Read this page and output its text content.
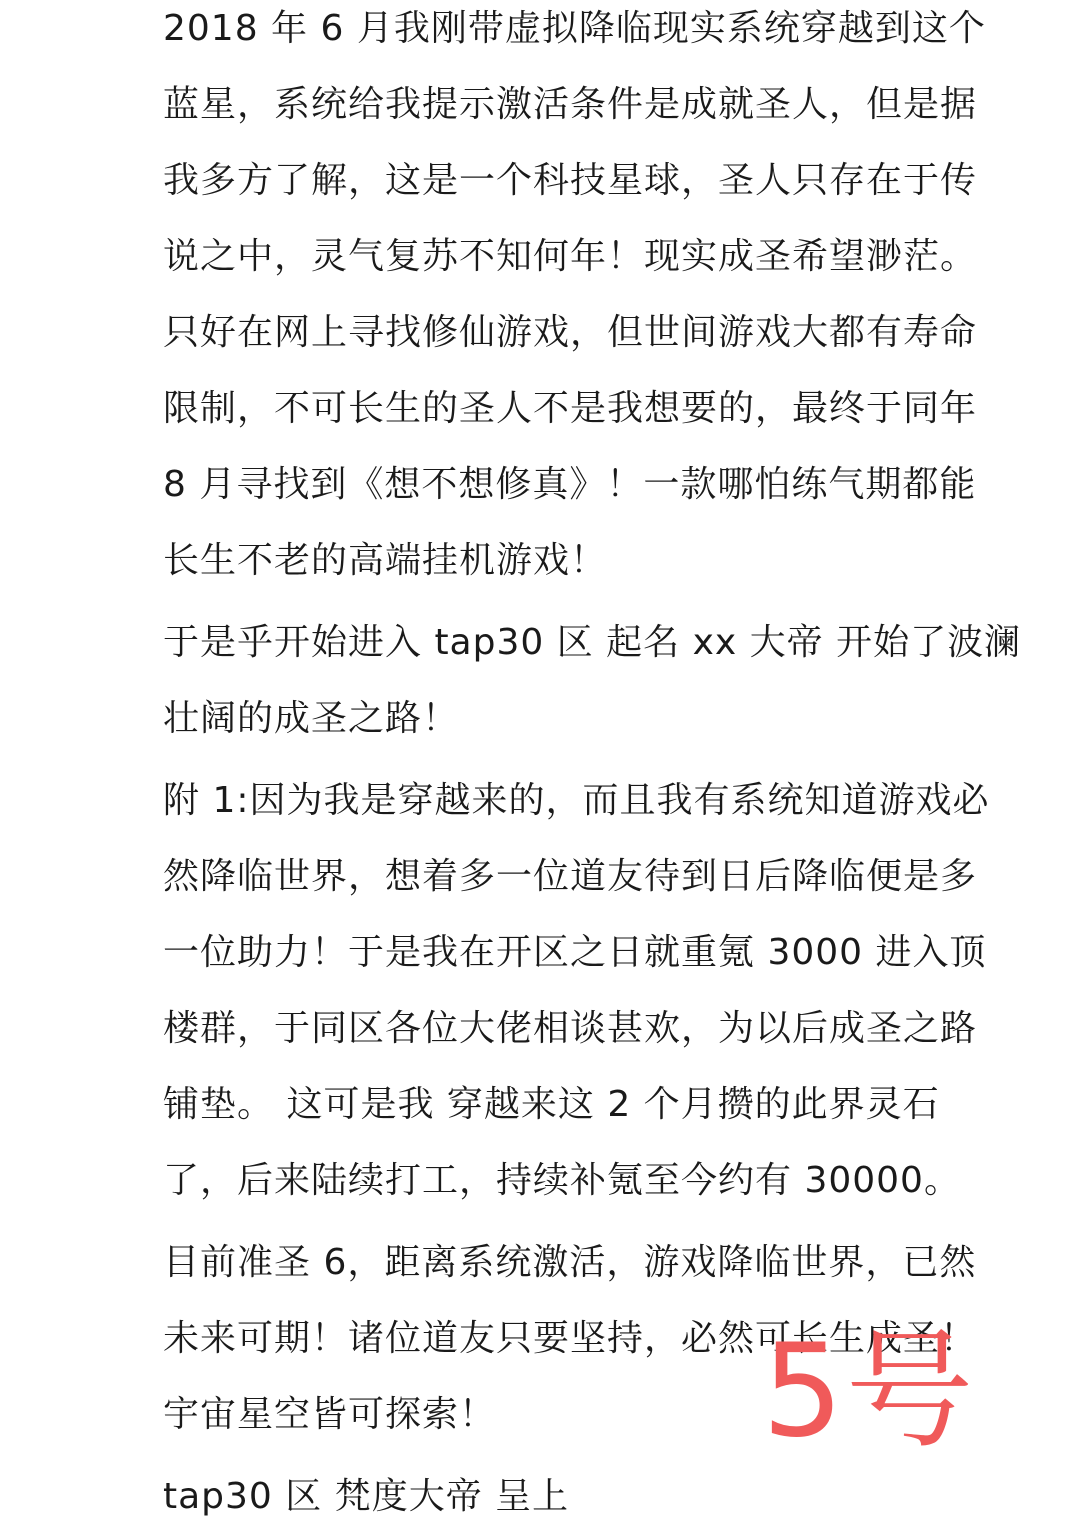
2018 年 6 月我刚带虚拟降临现实系统穿越到这个
蓝星，系统给我提示激活条件是成就圣人，但是据
我多方了解，这是一个科技星球，圣人只存在于传
说之中，灵气复苏不知何年！现实成圣希望渺茫。
只好在网上寻找修仙游戏，但世间游戏大都有寿命
限制，不可长生的圣人不是我想要的，最终于同年
8 月寻找到《想不想修真》！一款哪怕练气期都能
长生不老的高端挂机游戏！

于是乎开始进入 tap30 区 起名 xx 大帝 开始了波澜
壮阔的成圣之路！

附 1:因为我是穿越来的，而且我有系统知道游戏必
然降临世界，想着多一位道友待到日后降临便是多
一位助力！于是我在开区之日就重氪 3000 进入顶
楼群，于同区各位大佬相谈甚欢，为以后成圣之路
铺垫。 这可是我 穿越来这 2 个月攒的此界灵石
了，后来陆续打工，持续补氪至今约有 30000。

目前准圣 6，距离系统激活，游戏降临世界，已然
未来可期！诸位道友只要坚持，必然可长生成圣！
宇宙星空皆可探索！

tap30 区 梵度大帝 呈上

5号
